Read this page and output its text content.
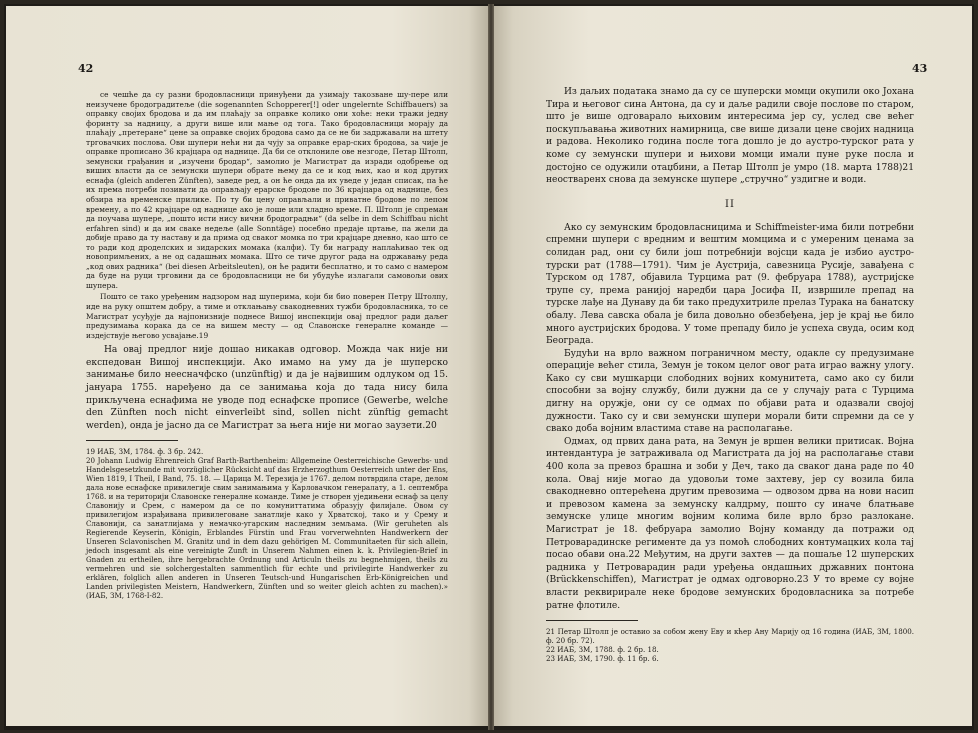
42

се чешће да су разни бродовласници принуђени да узимају такозване шу-пере или неизучене бродоградитеље (die sogenannten Schopperer[!] oder ungelernte Schiffbauers) за оправку својих бродова и да им плаћају за оправке колико они хоће: неки тражи једну форинту за надницу, а други више или мање од тога. Тако бродовласници морају да плаћају „претеране“ цене за оправке својих бродова само да се не би задржавали на штету трговачких послова. Ови шупери нећи ни да чују за оправке ерар-ских бродова, за чије је оправке прописано 36 крајцара од наднице. Да би се отклониле ове незгоде, Петар Штолп, земунски грађанин и „изучени бродар“, замолио је Магистрат да изради одобрење од виших власти да се земунски шупери обрате њему да се и код њих, као и код других еснафа (gleich anderen Zünften), заведе ред, а он ће онда да их уведе у један списак, па ће их према потреби позивати да оправљају ерарске бродове по 36 крајцара од наднице, без обзира на временске прилике. По ту би цену оправљали и приватне бродове по лепом времену, а по 42 крајцаре од наднице ако је лоше или хладно време. П. Штолп је спреман да поучава шупере, „пошто исти нису вични бродоградњи“ (da selbe in dem Schiffbau nicht erfahren sind) и да им сваке недеље (alle Sonntäge) посебно предаје цртање, па жели да добије право да ту наставу и да прима од сваког момка по три крајцаре дневно, као што се то ради код дроделских и зидарских момака (калфи). Ту би награду наплаћивао тек од новопримљених, а не од садашњих момака. Што се тиче другог рада на одржавању реда „код ових радника“ (bei diesen Arbeitsleuten), он ће радити бесплатно, и то само с намером да буде на руци трговини да се бродовласници не би убудуће излагали самовољи ових шупера.

Пошто се тако уређеним надзором над шуперима, који би био поверен Петру Штолпу, иде на руку општем добру, а тиме и отклањању свакодневних тужби бродовласника, то се Магистрат усуђује да најпонизније поднесе Вишој инспекцији овај предлог ради даљег предузимања корака да се на вишем месту — од Славонске генералне команде — издејствује његово усвајање.19

На овај предлог није дошао никакав одговор. Можда чак није ни експедован Вишој инспекцији. Ако имамо на уму да је шуперско занимање било неесначфско (unzünftig) и да је највишим одлуком од 15. јануара 1755. наређено да се занимања која до тада нису била прикључена еснафима не уводе под еснафске прописе (Gewerbe, welche den Zünften noch nicht einverleibt sind, sollen nicht zünftig gemacht werden), онда је јасно да се Магистрат за њега није ни могао заузети.20

19 ИАБ, ЗМ, 1784. ф. 3 бр. 242.

20 Johann Ludwig Ehrenreich Graf Barth-Barthenheim: Allgemeine Oesterreichische Gewerbs- und Handelsgesetzkunde mit vorzüglicher Rücksicht auf das Erzherzogthum Oesterreich unter der Ens, Wien 1819, I Theil, I Band, 75. 18. — Царица М. Терезија је 1767. делом потврдила старе, делом дала нове еснафске привилегије свим занимањима у Карловачком генералату, а 1. септембра 1768. и на територији Славонске генералне команде. Тиме је створен уједињени еснаф за целу Славонију и Срем, с намером да се по комуниттатима образују филијале. Овом су привилегијом израђивана привилеговане занатлије како у Хрватској, тако и у Срему и Славонији, са занатлијама у немачко-угарским наследним земљама. (Wir geruheten als Regierende Keyserin, Königin, Erblandes Fürstin und Frau vorverwehnten Handwerkern der Unseren Sclavonischen M. Granitz und in dem dazu gehörigen M. Communitaeten für sich allein, jedoch insgesamt als eine vereinigte Zunft in Unserem Nahmen einen k. k. Privilegien-Brief in Gnaden zu ertheilen, ihre hergebrachte Ordnung und Articuln theils zu begnehmigen, theils zu vermehren und sie solchergestalten sammentlich für echte und privilegirte Handwerker zu erklären, folglich allen anderen in Unseren Teutsch-und Hungarischen Erb-Königreichen und Landen privilegisten Meistern, Handwerkern, Zünften und so weiter gleich achten zu machen).» (ИАБ, ЗМ, 1768-I-82.

43

Из даљих података знамо да су се шуперски момци окупили око Јохана Тира и његовог сина Антона, да су и даље радили своје послове по старом, што је више одговарало њиховим интересима јер су, услед све већег поскупљавања животних намирница, све више дизали цене својих надница и радова. Неколико година после тога дошло је до аустро-турског рата у коме су земунски шупери и њихови момци имали пуне руке посла и достојно се одужили отаџбини, а Петар Штолп је умро (18. марта 1788)21 неостваренх снова да земунске шупере „стручно“ уздигне и води.

II

Ако су земунским бродовласницима и Schiffmeister-има били потребни спремни шупери с вредним и вештим момцима и с умереним ценама за солидан рад, они су били још потребнији војсци када је избио аустро-турски рат (1788—1791). Чим је Аустрија, савезница Русије, завађена с Турском од 1787, објавила Турцима рат (9. фебруара 1788), аустријске трупе су, према ранијој наредби цара Јосифа II, извршиле препад на турске лађе на Дунаву да би тако предухитриле прелаз Турака на банатску обалу. Лева савска обала је била довољно обезбеђена, јер је крај ње било много аустријских бродова. У томе препаду било је успеха свуда, осим код Београда.

Будући на врло важном пограничном месту, одакле су предузимане операције већег стила, Земун је током целог овог рата играо важну улогу. Како су сви мушкарци слободних војних комунитета, само ако су били способни за војну службу, били дужни да се у случају рата с Турцима дигну на оружје, они су се одмах по објави рата и одазвали својој дужности. Тако су и сви земунски шупери морали бити спремни да се у свако доба војним властима ставе на располагање.

Одмах, од првих дана рата, на Земун је вршен велики притисак. Војна интендантура је затраживала од Магистрата да јој на располагање стави 400 кола за превоз брашна и зоби у Деч, тако да сваког дана раде по 40 кола. Овај није могао да удовољи томе захтеву, јер су возила била свакодневно оптерећена другим превозима — одвозом дрва на нови насип и превозом камена за земунску калдрму, пошто су иначе блатњаве земунске улице многим војним колима биле врло брзо разлокане. Магистрат је 18. фебруара замолио Војну команду да потражи од Петроварадинске регименте да уз помоћ слободних контумацких кола тај посао обави она.22 Међутим, на други захтев — да пошаље 12 шуперских радника у Петроварадин ради уређења ондашњих државних понтона (Brückkenschiffen), Магистрат је одмах одговорно.23 У то време су војне власти реквирирале неке бродове земунских бродовласника за потребе ратне флотиле.

21 Петар Штолп је оставио за собом жену Еву и кћер Ану Марију од 16 година (ИАБ, ЗМ, 1800. ф. 20 бр. 72).

22 ИАБ, ЗМ, 1788. ф. 2 бр. 18.

23 ИАБ, ЗМ, 1790. ф. 11 бр. 6.
